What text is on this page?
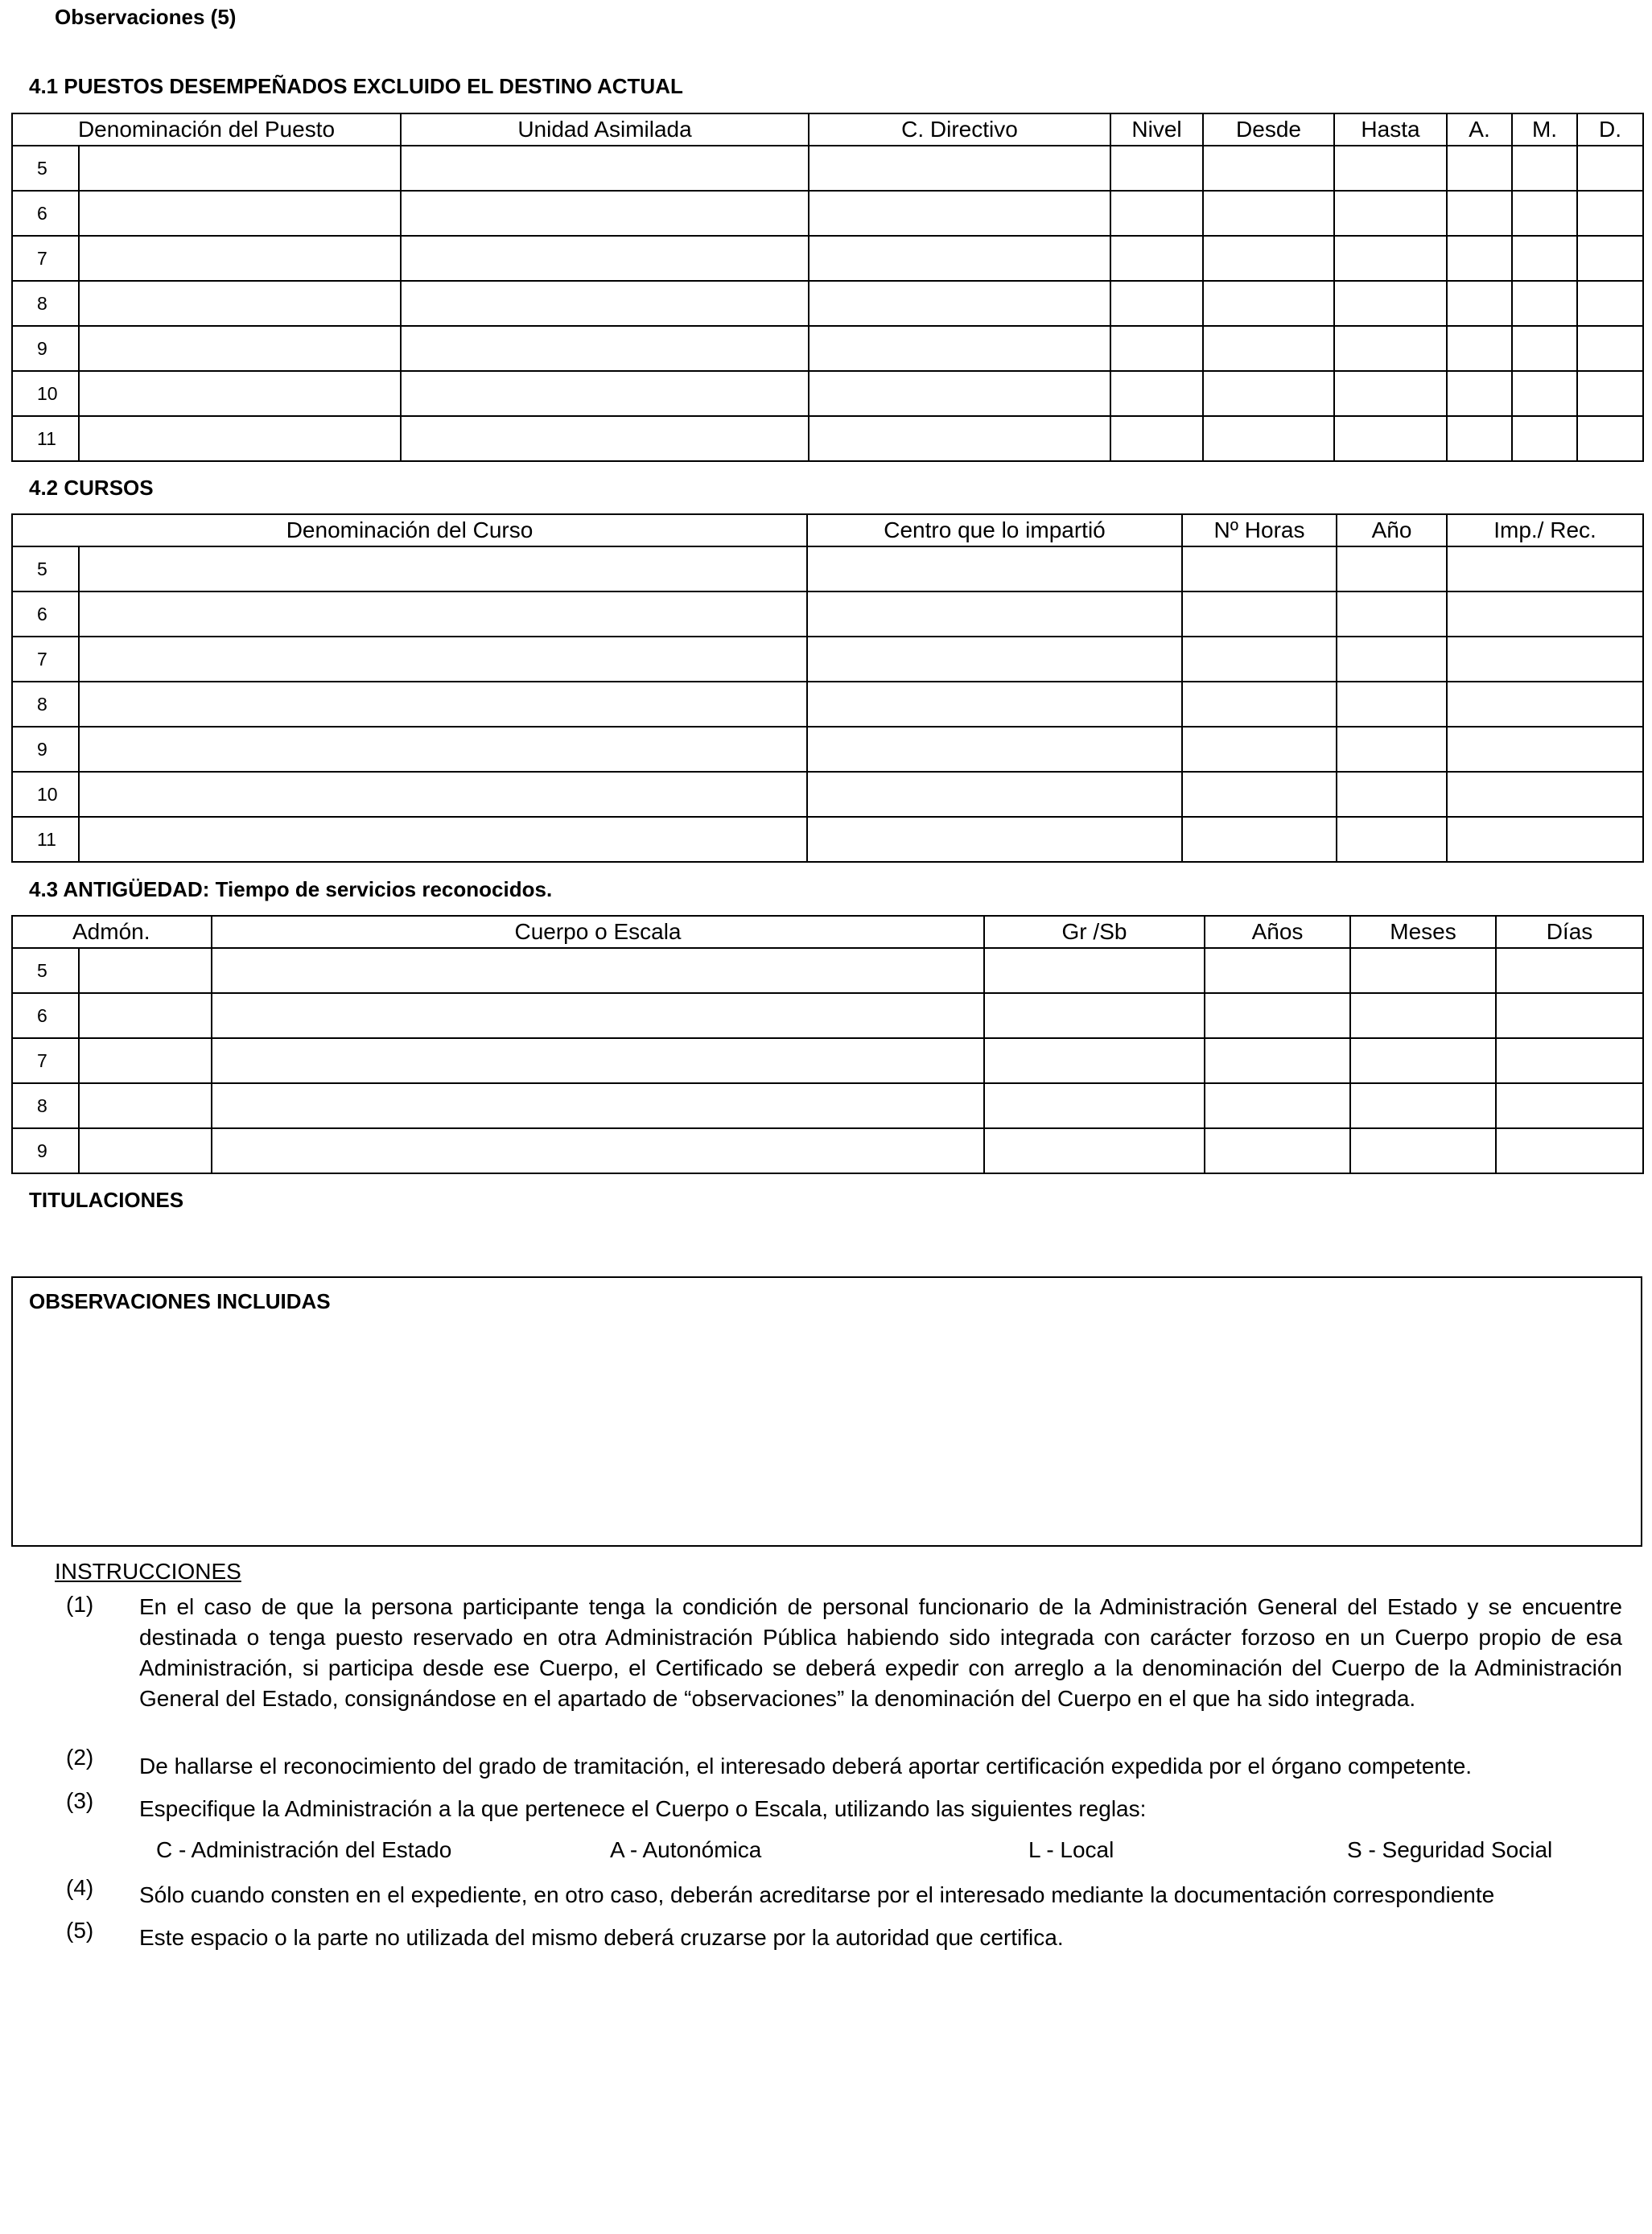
Observaciones (5)
4.1 PUESTOS DESEMPEÑADOS EXCLUIDO EL DESTINO ACTUAL
Denominación del Puesto		Unidad Asimilada	C. Directivo	Nivel	Desde	Hasta	A.	M.	D.
5									
6									
7									
8									
9									
10									
11									
4.2 CURSOS
Denominación del Curso		Centro que lo impartió	Nº Horas	Año	Imp./ Rec.
5					
6					
7					
8					
9					
10					
11					
4.3 ANTIGÜEDAD: Tiempo de servicios reconocidos.
Admón.		Cuerpo o Escala	Gr /Sb	Años	Meses	Días
5						
6						
7						
8						
9						
TITULACIONES
OBSERVACIONES INCLUIDAS
INSTRUCCIONES
(1) En el caso de que la persona participante tenga la condición de personal funcionario de la Administración General del Estado y se encuentre destinada o tenga puesto reservado en otra Administración Pública habiendo sido integrada con carácter forzoso en un Cuerpo propio de esa Administración, si participa desde ese Cuerpo, el Certificado se deberá expedir con arreglo a la denominación del Cuerpo de la Administración General del Estado, consignándose en el apartado de “observaciones” la denominación del Cuerpo en el que ha sido integrada.
(2) De hallarse el reconocimiento del grado de tramitación, el interesado deberá aportar certificación expedida por el órgano competente.
(3) Especifique la Administración a la que pertenece el Cuerpo o Escala, utilizando las siguientes reglas:
C - Administración del Estado	A - Autonómica	L - Local	S - Seguridad Social
(4) Sólo cuando consten en el expediente, en otro caso, deberán acreditarse por el interesado mediante la documentación correspondiente
(5) Este espacio o la parte no utilizada del mismo deberá cruzarse por la autoridad que certifica.
